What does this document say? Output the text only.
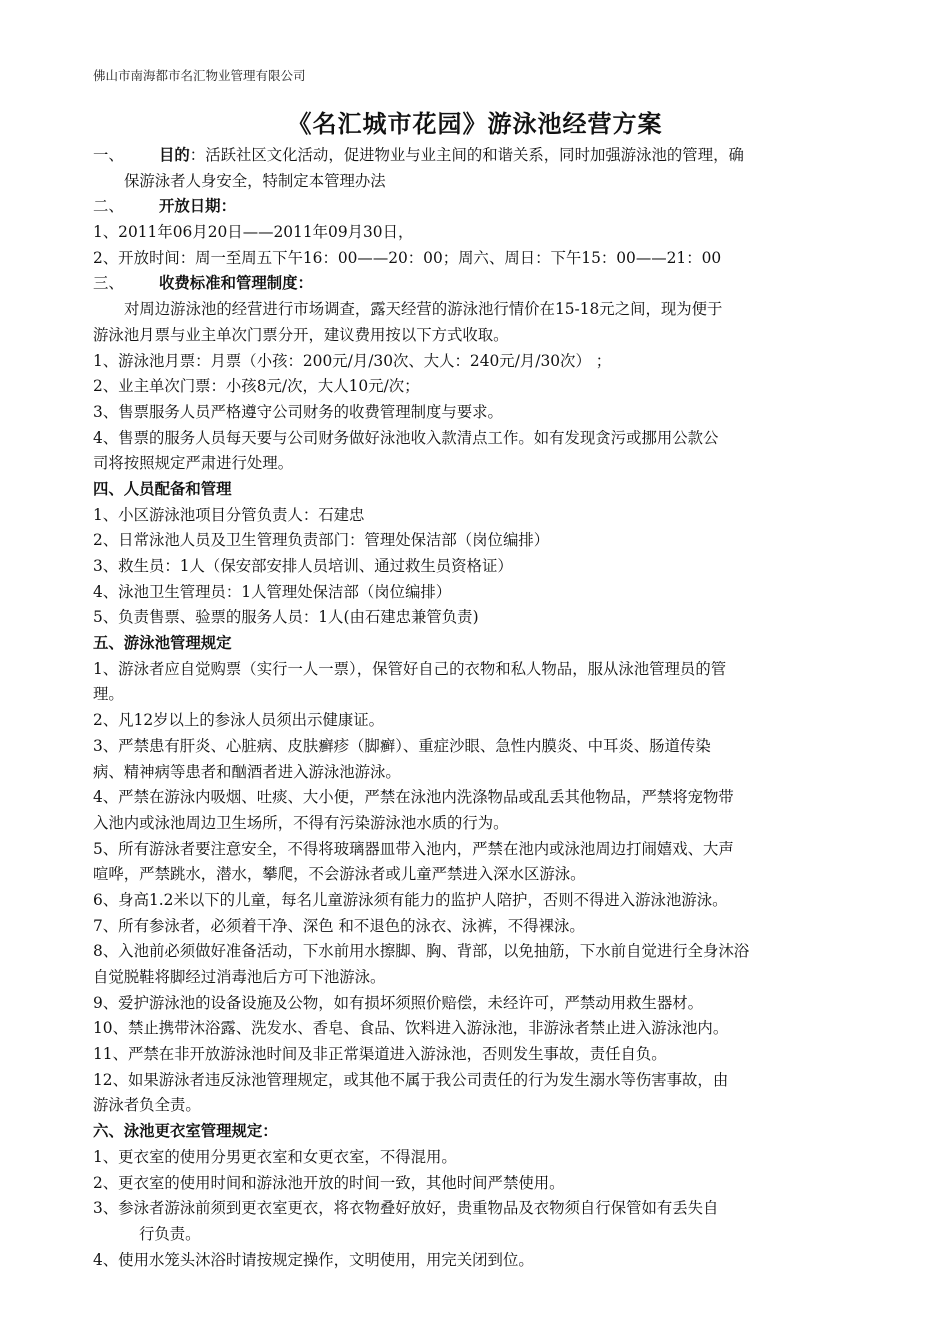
佛山市南海都市名汇物业管理有限公司
《名汇城市花园》游泳池经营方案
一、 目的：活跃社区文化活动，促进物业与业主间的和谐关系，同时加强游泳池的管理，确
保游泳者人身安全，特制定本管理办法
二、 开放日期：
1、2011年06月20日——2011年09月30日，
2、开放时间：周一至周五下午16：00——20：00；周六、周日：下午15：00——21：00
三、 收费标准和管理制度：
对周边游泳池的经营进行市场调查，露天经营的游泳池行情价在15-18元之间，现为便于
游泳池月票与业主单次门票分开，建议费用按以下方式收取。
1、游泳池月票：月票（小孩：200元/月/30次、大人：240元/月/30次） ；
2、业主单次门票：小孩8元/次，大人10元/次；
3、售票服务人员严格遵守公司财务的收费管理制度与要求。
4、售票的服务人员每天要与公司财务做好泳池收入款清点工作。如有发现贪污或挪用公款公
司将按照规定严肃进行处理。
四、人员配备和管理
1、小区游泳池项目分管负责人：石建忠
2、日常泳池人员及卫生管理负责部门：管理处保洁部（岗位编排）
3、救生员：1人（保安部安排人员培训、通过救生员资格证）
4、泳池卫生管理员：1人管理处保洁部（岗位编排）
5、负责售票、验票的服务人员：1人(由石建忠兼管负责)
五、游泳池管理规定
1、游泳者应自觉购票（实行一人一票），保管好自己的衣物和私人物品，服从泳池管理员的管
理。
2、凡12岁以上的参泳人员须出示健康证。
3、严禁患有肝炎、心脏病、皮肤癣疹（脚癣）、重症沙眼、急性内膜炎、中耳炎、肠道传染
病、精神病等患者和酗酒者进入游泳池游泳。
4、严禁在游泳内吸烟、吐痰、大小便，严禁在泳池内洗涤物品或乱丢其他物品，严禁将宠物带
入池内或泳池周边卫生场所，不得有污染游泳池水质的行为。
5、所有游泳者要注意安全，不得将玻璃器皿带入池内，严禁在池内或泳池周边打闹嬉戏、大声
喧哗，严禁跳水，潜水，攀爬，不会游泳者或儿童严禁进入深水区游泳。
6、身高1.2米以下的儿童，每名儿童游泳须有能力的监护人陪护，否则不得进入游泳池游泳。
7、所有参泳者，必须着干净、深色 和不退色的泳衣、泳裤，不得裸泳。
8、入池前必须做好准备活动，下水前用水擦脚、胸、背部，以免抽筋，下水前自觉进行全身沐浴
自觉脱鞋将脚经过消毒池后方可下池游泳。
9、爱护游泳池的设备设施及公物，如有损坏须照价赔偿，未经许可，严禁动用救生器材。
10、禁止携带沐浴露、洗发水、香皂、食品、饮料进入游泳池，非游泳者禁止进入游泳池内。
11、严禁在非开放游泳池时间及非正常渠道进入游泳池，否则发生事故，责任自负。
12、如果游泳者违反泳池管理规定，或其他不属于我公司责任的行为发生溺水等伤害事故，由
游泳者负全责。
六、泳池更衣室管理规定：
1、更衣室的使用分男更衣室和女更衣室，不得混用。
2、更衣室的使用时间和游泳池开放的时间一致，其他时间严禁使用。
3、参泳者游泳前须到更衣室更衣，将衣物叠好放好，贵重物品及衣物须自行保管如有丢失自
行负责。
4、使用水笼头沐浴时请按规定操作，文明使用，用完关闭到位。
